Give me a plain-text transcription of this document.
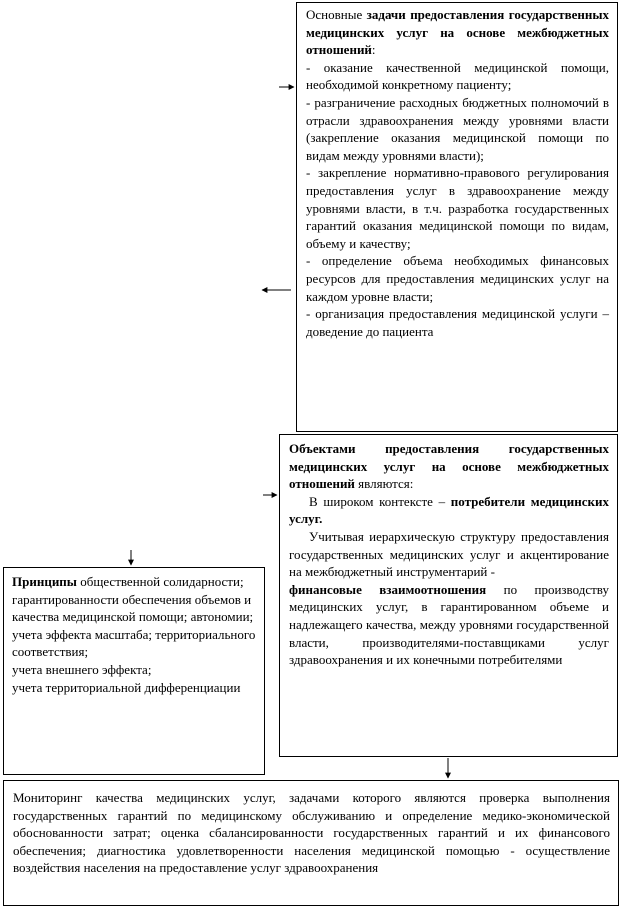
Основные задачи предоставления государственных медицинских услуг на основе межбюджетных отношений:

- оказание качественной медицинской помощи, необходимой конкретному пациенту;

- разграничение расходных бюджетных полномочий в отрасли здравоохранения между уровнями власти (закрепление оказания медицинской помощи по видам между уровнями власти);

- закрепление нормативно-правового регулирования предоставления услуг в здравоохранение между уровнями власти, в т.ч. разработка государственных гарантий оказания медицинской помощи по видам, объему и качеству;

- определение объема необходимых финансовых ресурсов для предоставления медицинских услуг на каждом уровне власти;

- организация предоставления медицинской услуги – доведение до пациента

Объектами предоставления государственных медицинских услуг на основе межбюджетных отношений являются:

В широком контексте – потребители медицинских услуг.

Учитывая иерархическую структуру предоставления государственных медицинских услуг и акцентирование на межбюджетный инструментарий -

финансовые взаимоотношения по производству медицинских услуг, в гарантированном объеме и надлежащего качества, между уровнями государственной власти, производителями-поставщиками услуг здравоохранения и их конечными потребителями

Принципы общественной солидарности; гарантированности обеспечения объемов и качества медицинской помощи; автономии;
учета эффекта масштаба; территориального соответствия;
учета внешнего эффекта;
учета территориальной дифференциации

Мониторинг качества медицинских услуг, задачами которого являются проверка выполнения государственных гарантий по медицинскому обслуживанию и определение медико-экономической обоснованности затрат; оценка сбалансированности государственных гарантий и их финансового обеспечения; диагностика удовлетворенности населения медицинской помощью - осуществление воздействия населения на предоставление услуг здравоохранения
